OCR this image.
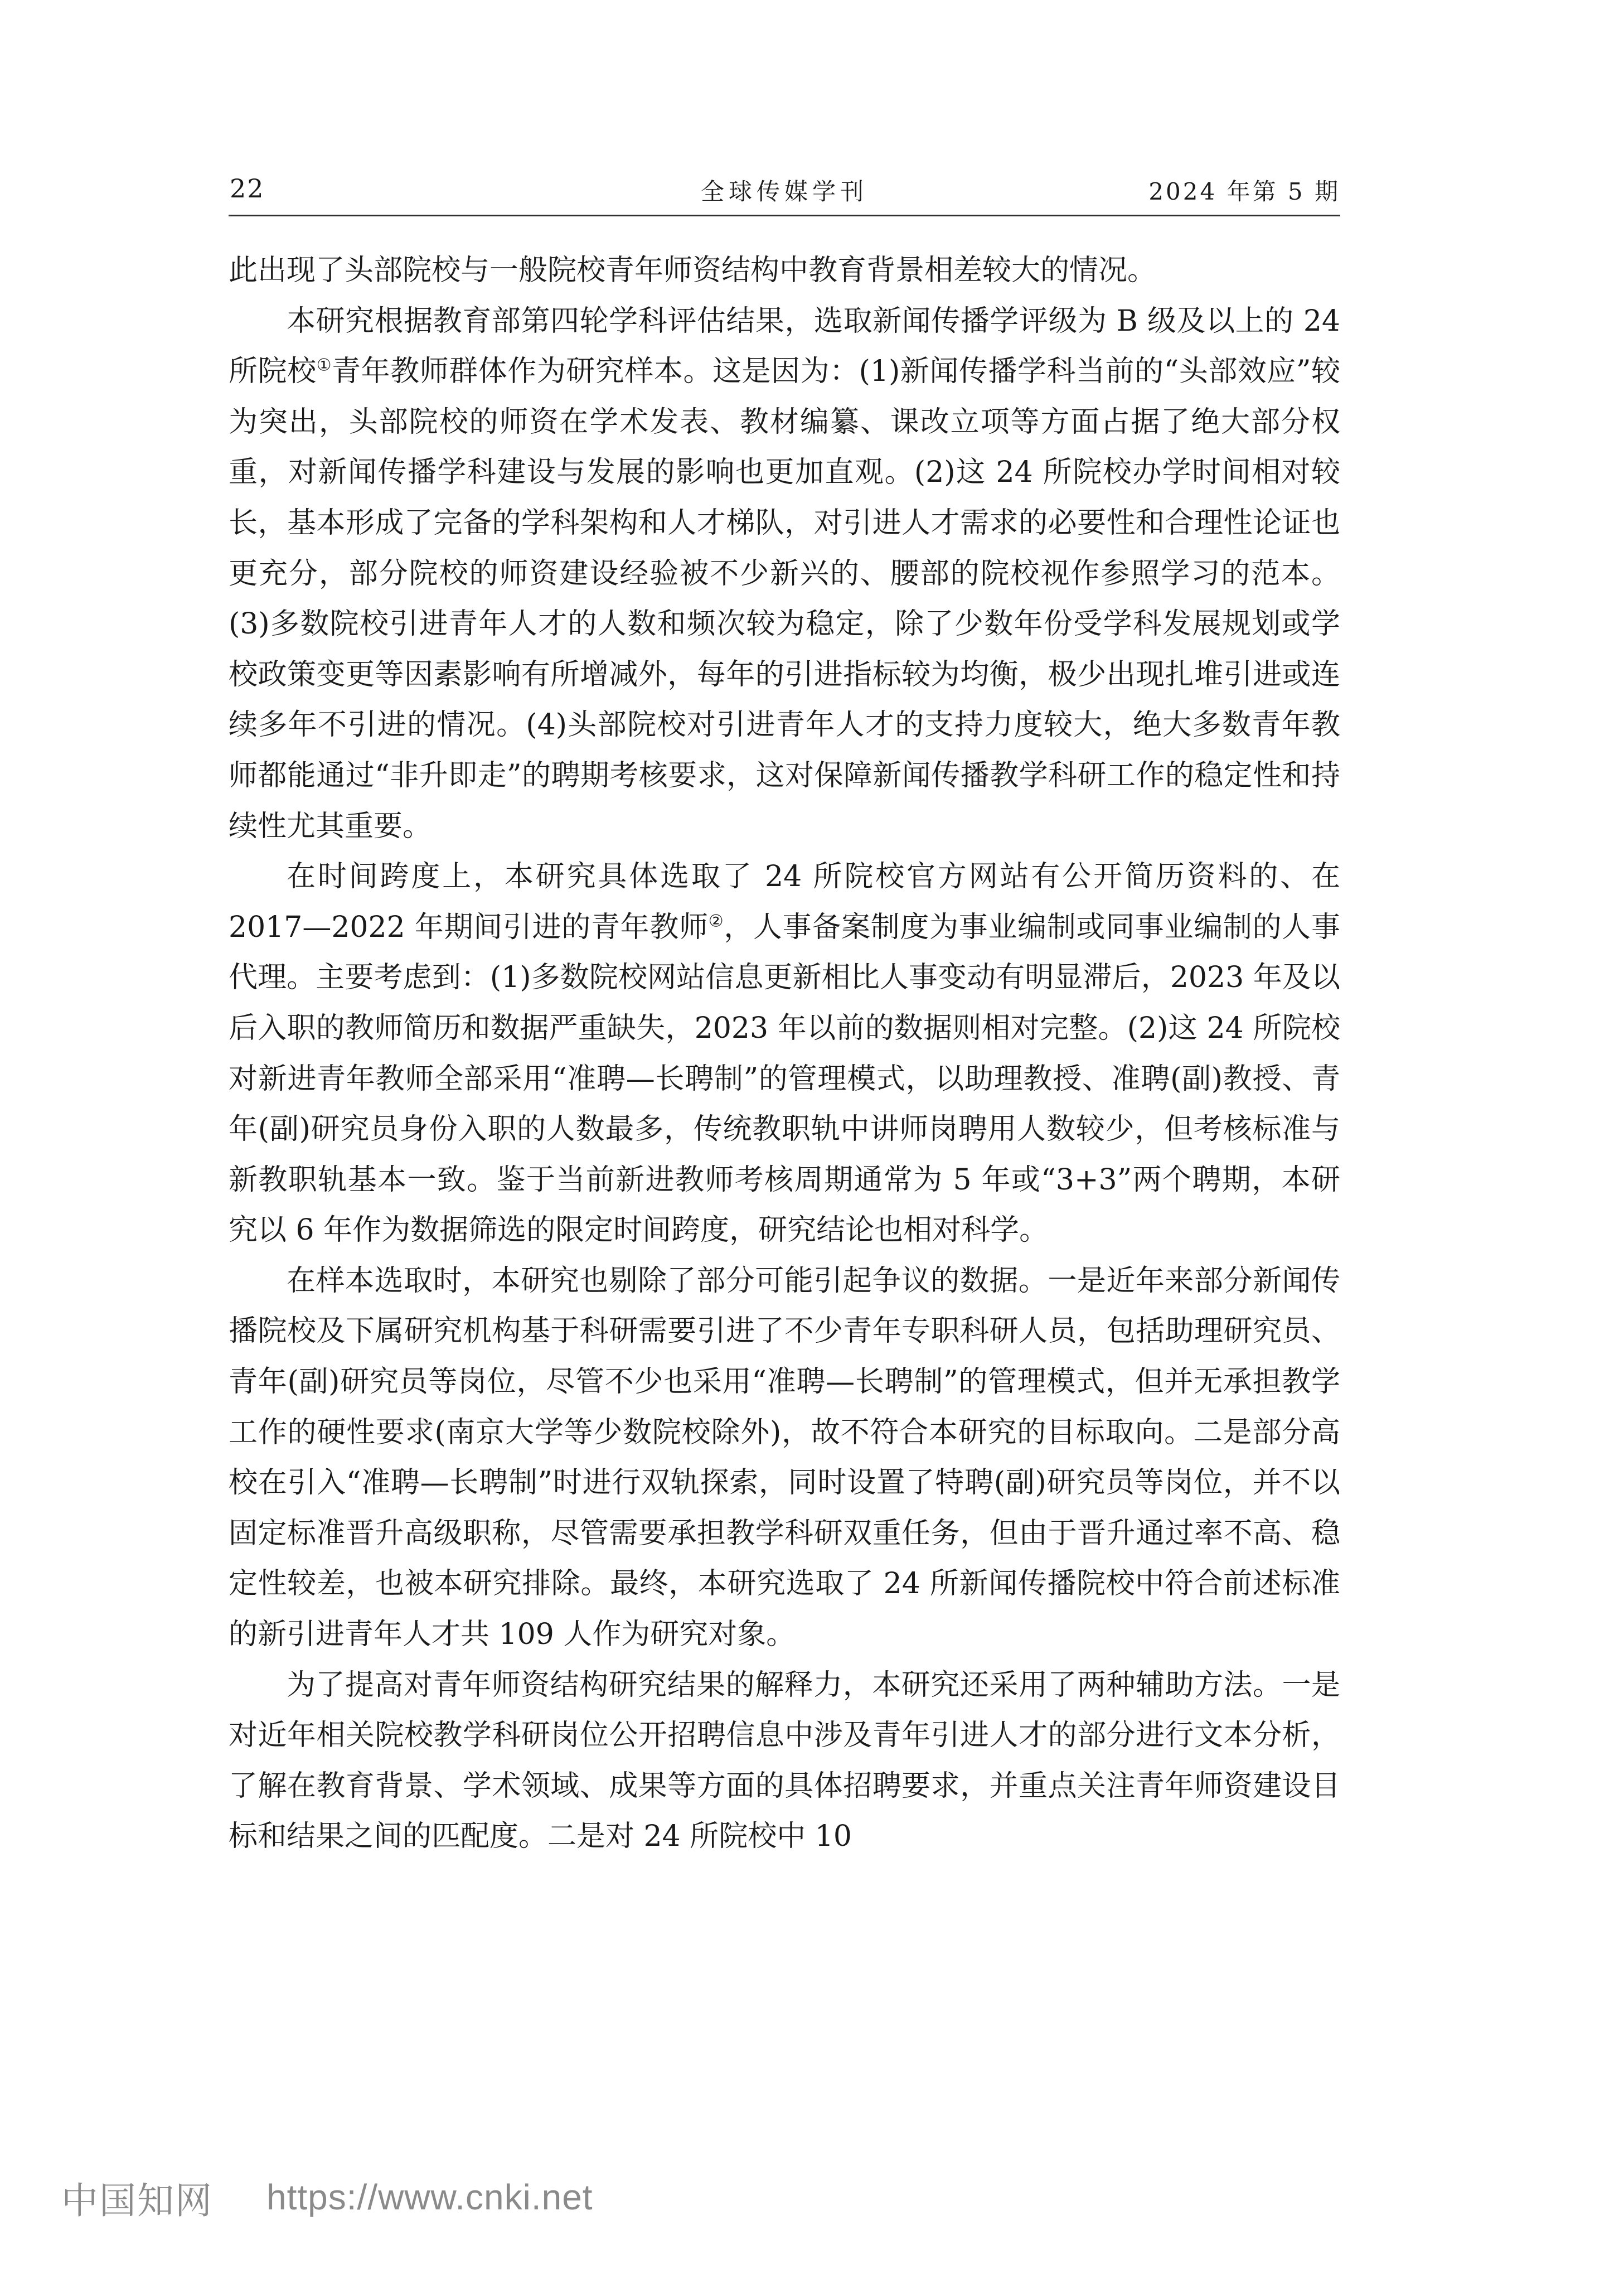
22	全球传媒学刊	2024 年第 5 期

此出现了头部院校与一般院校青年师资结构中教育背景相差较大的情况。

本研究根据教育部第四轮学科评估结果，选取新闻传播学评级为 B 级及以上的 24 所院校①青年教师群体作为研究样本。这是因为：(1)新闻传播学科当前的“头部效应”较为突出，头部院校的师资在学术发表、教材编纂、课改立项等方面占据了绝大部分权重，对新闻传播学科建设与发展的影响也更加直观。(2)这 24 所院校办学时间相对较长，基本形成了完备的学科架构和人才梯队，对引进人才需求的必要性和合理性论证也更充分，部分院校的师资建设经验被不少新兴的、腰部的院校视作参照学习的范本。(3)多数院校引进青年人才的人数和频次较为稳定，除了少数年份受学科发展规划或学校政策变更等因素影响有所增减外，每年的引进指标较为均衡，极少出现扎堆引进或连续多年不引进的情况。(4)头部院校对引进青年人才的支持力度较大，绝大多数青年教师都能通过“非升即走”的聘期考核要求，这对保障新闻传播教学科研工作的稳定性和持续性尤其重要。

在时间跨度上，本研究具体选取了 24 所院校官方网站有公开简历资料的、在 2017—2022 年期间引进的青年教师②，人事备案制度为事业编制或同事业编制的人事代理。主要考虑到：(1)多数院校网站信息更新相比人事变动有明显滞后，2023 年及以后入职的教师简历和数据严重缺失，2023 年以前的数据则相对完整。(2)这 24 所院校对新进青年教师全部采用“准聘—长聘制”的管理模式，以助理教授、准聘(副)教授、青年(副)研究员身份入职的人数最多，传统教职轨中讲师岗聘用人数较少，但考核标准与新教职轨基本一致。鉴于当前新进教师考核周期通常为 5 年或“3+3”两个聘期，本研究以 6 年作为数据筛选的限定时间跨度，研究结论也相对科学。

在样本选取时，本研究也剔除了部分可能引起争议的数据。一是近年来部分新闻传播院校及下属研究机构基于科研需要引进了不少青年专职科研人员，包括助理研究员、青年(副)研究员等岗位，尽管不少也采用“准聘—长聘制”的管理模式，但并无承担教学工作的硬性要求(南京大学等少数院校除外)，故不符合本研究的目标取向。二是部分高校在引入“准聘—长聘制”时进行双轨探索，同时设置了特聘(副)研究员等岗位，并不以固定标准晋升高级职称，尽管需要承担教学科研双重任务，但由于晋升通过率不高、稳定性较差，也被本研究排除。最终，本研究选取了 24 所新闻传播院校中符合前述标准的新引进青年人才共 109 人作为研究对象。

为了提高对青年师资结构研究结果的解释力，本研究还采用了两种辅助方法。一是对近年相关院校教学科研岗位公开招聘信息中涉及青年引进人才的部分进行文本分析，了解在教育背景、学术领域、成果等方面的具体招聘要求，并重点关注青年师资建设目标和结果之间的匹配度。二是对 24 所院校中 10

中国知网 https://www.cnki.net
